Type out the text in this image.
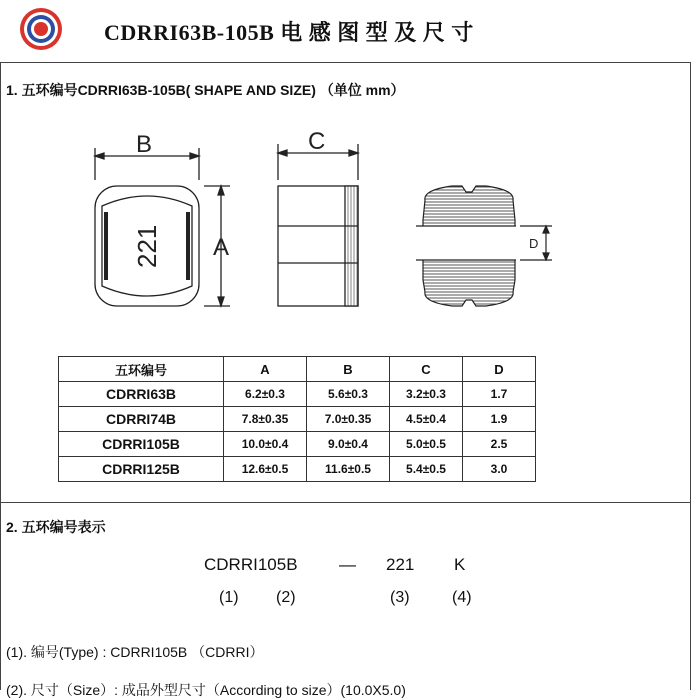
CDRRI63B-105B 电 感 图 型 及 尺 寸
1. 五环编号CDRRI63B-105B( SHAPE AND SIZE) （单位 mm）
B
A
221
C
D
五环编号	A	B	C	D
CDRRI63B	6.2±0.3	5.6±0.3	3.2±0.3	1.7
CDRRI74B	7.8±0.35	7.0±0.35	4.5±0.4	1.9
CDRRI105B	10.0±0.4	9.0±0.4	5.0±0.5	2.5
CDRRI125B	12.6±0.5	11.6±0.5	5.4±0.5	3.0
2. 五环编号表示
CDRRI105B — 221 K
(1) (2)	(3)	(4)
(1). 编号(Type) : CDRRI105B （CDRRI）
(2). 尺寸（Size）: 成品外型尺寸（According to size）(10.0X5.0)
